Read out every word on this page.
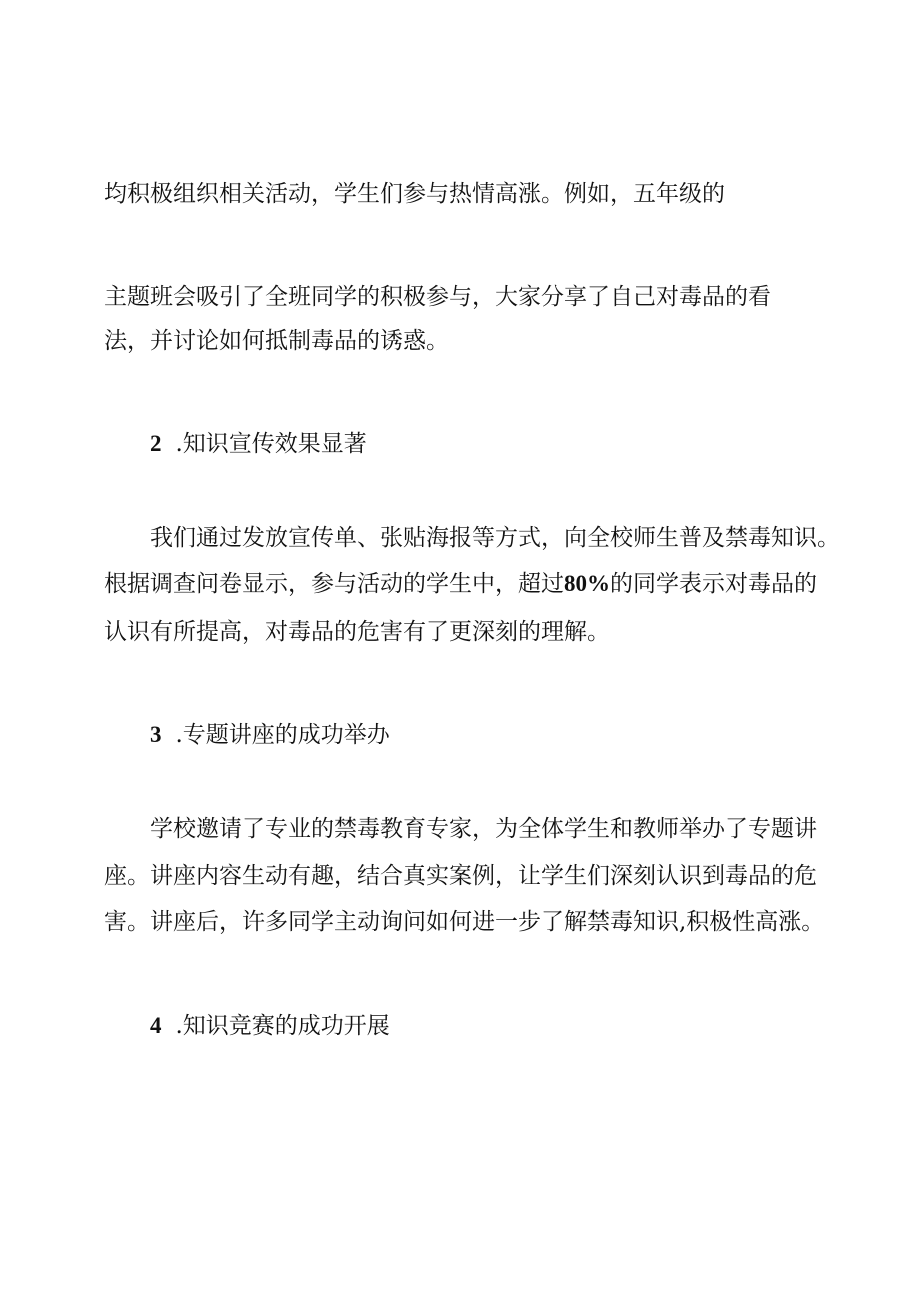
均积极组织相关活动，学生们参与热情高涨。例如，五年级的
主题班会吸引了全班同学的积极参与，大家分享了自己对毒品的看
法，并讨论如何抵制毒品的诱惑。
2 .知识宣传效果显著
我们通过发放宣传单、张贴海报等方式，向全校师生普及禁毒知识。
根据调查问卷显示，参与活动的学生中，超过80%的同学表示对毒品的
认识有所提高，对毒品的危害有了更深刻的理解。
3 .专题讲座的成功举办
学校邀请了专业的禁毒教育专家，为全体学生和教师举办了专题讲
座。讲座内容生动有趣，结合真实案例，让学生们深刻认识到毒品的危
害。讲座后，许多同学主动询问如何进一步了解禁毒知识,积极性高涨。
4 .知识竞赛的成功开展
